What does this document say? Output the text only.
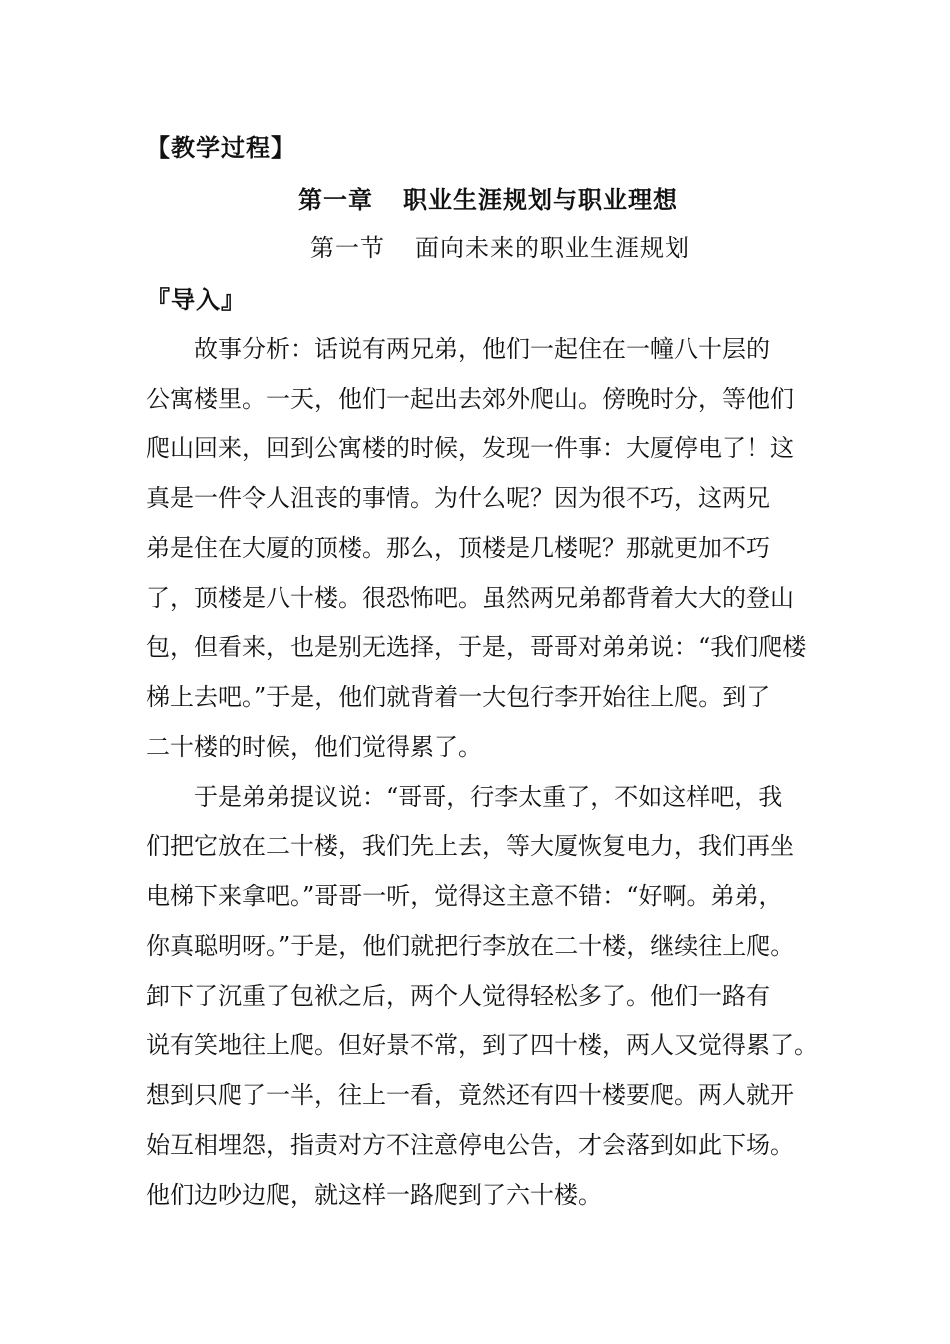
【教学过程】
第一章 职业生涯规划与职业理想
第一节 面向未来的职业生涯规划
『导入』
　　故事分析：话说有两兄弟，他们一起住在一幢八十层的
公寓楼里。一天，他们一起出去郊外爬山。傍晚时分，等他们
爬山回来，回到公寓楼的时候，发现一件事：大厦停电了！这
真是一件令人沮丧的事情。为什么呢？因为很不巧，这两兄
弟是住在大厦的顶楼。那么，顶楼是几楼呢？那就更加不巧
了，顶楼是八十楼。很恐怖吧。虽然两兄弟都背着大大的登山
包，但看来，也是别无选择，于是，哥哥对弟弟说：“我们爬楼
梯上去吧。”于是，他们就背着一大包行李开始往上爬。到了
二十楼的时候，他们觉得累了。
　　于是弟弟提议说：“哥哥，行李太重了，不如这样吧，我
们把它放在二十楼，我们先上去，等大厦恢复电力，我们再坐
电梯下来拿吧。”哥哥一听，觉得这主意不错：“好啊。弟弟，
你真聪明呀。”于是，他们就把行李放在二十楼，继续往上爬。
卸下了沉重了包袱之后，两个人觉得轻松多了。他们一路有
说有笑地往上爬。但好景不常，到了四十楼，两人又觉得累了。
想到只爬了一半，往上一看，竟然还有四十楼要爬。两人就开
始互相埋怨，指责对方不注意停电公告，才会落到如此下场。
他们边吵边爬，就这样一路爬到了六十楼。
